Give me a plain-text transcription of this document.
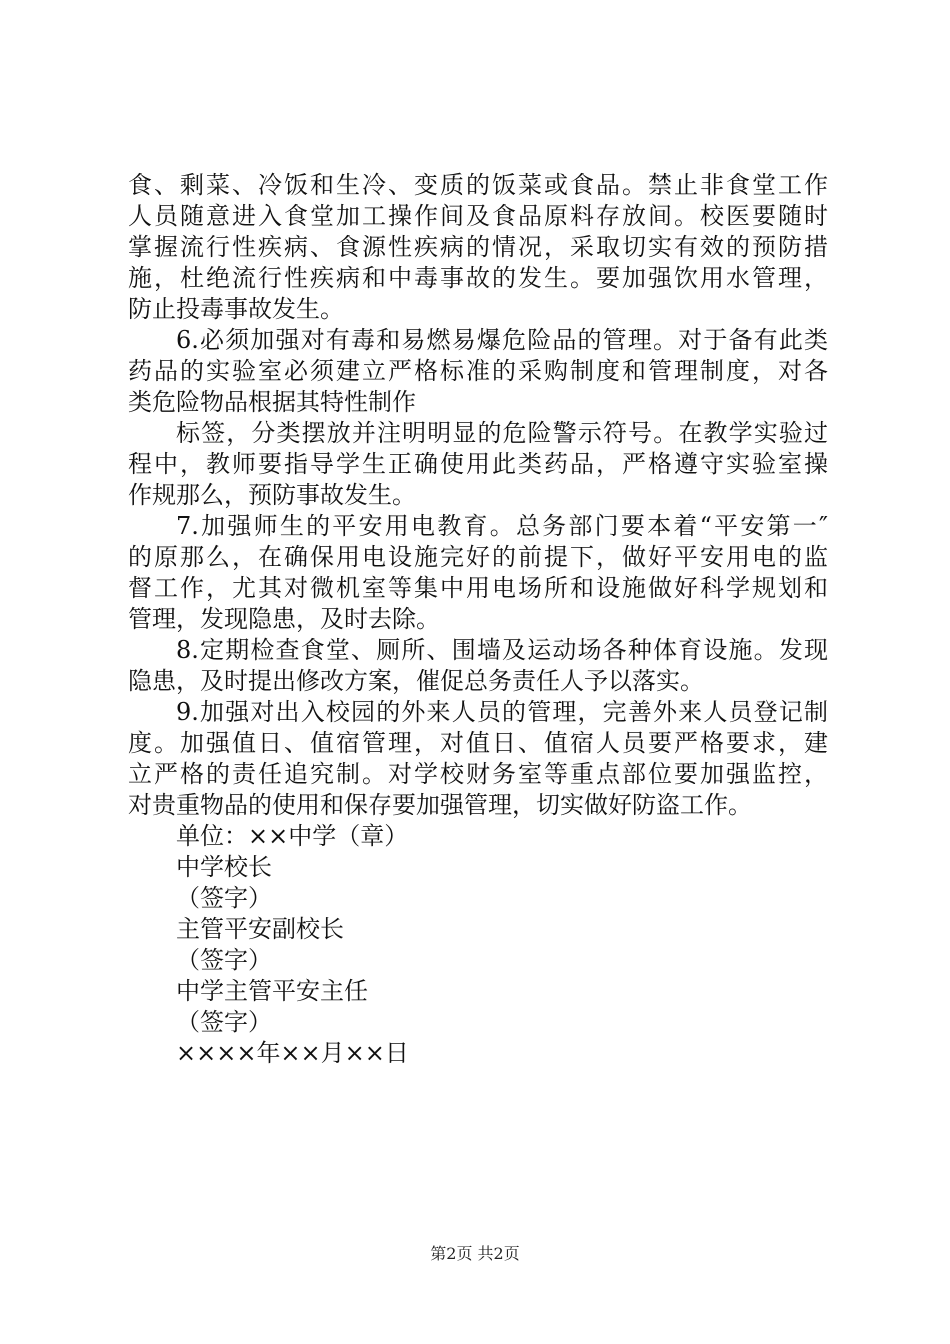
食、剩菜、冷饭和生冷、变质的饭菜或食品。禁止非食堂工作
人员随意进入食堂加工操作间及食品原料存放间。校医要随时
掌握流行性疾病、食源性疾病的情况，采取切实有效的预防措
施，杜绝流行性疾病和中毒事故的发生。要加强饮用水管理，
防止投毒事故发生。
6.必须加强对有毒和易燃易爆危险品的管理。对于备有此类
药品的实验室必须建立严格标准的采购制度和管理制度，对各
类危险物品根据其特性制作
标签，分类摆放并注明明显的危险警示符号。在教学实验过
程中，教师要指导学生正确使用此类药品，严格遵守实验室操
作规那么，预防事故发生。
7.加强师生的平安用电教育。总务部门要本着“平安第一″
的原那么，在确保用电设施完好的前提下，做好平安用电的监
督工作，尤其对微机室等集中用电场所和设施做好科学规划和
管理，发现隐患，及时去除。
8.定期检查食堂、厕所、围墙及运动场各种体育设施。发现
隐患，及时提出修改方案，催促总务责任人予以落实。
9.加强对出入校园的外来人员的管理，完善外来人员登记制
度。加强值日、值宿管理，对值日、值宿人员要严格要求，建
立严格的责任追究制。对学校财务室等重点部位要加强监控，
对贵重物品的使用和保存要加强管理，切实做好防盗工作。
单位：××中学（章）
中学校长
（签字）
主管平安副校长
（签字）
中学主管平安主任
（签字）
××××年××月××日
第2页 共2页
